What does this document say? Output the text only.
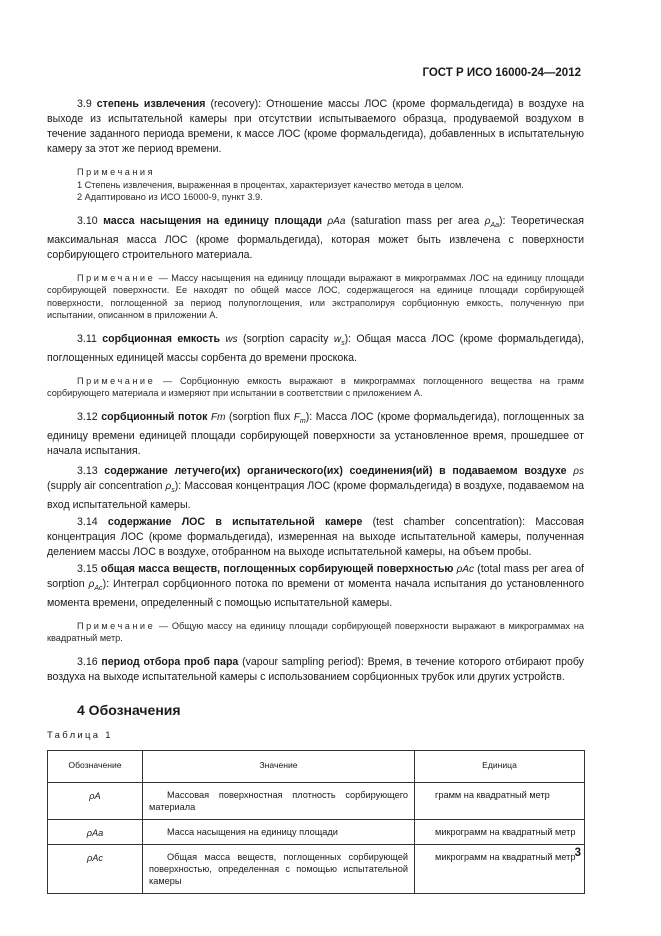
ГОСТ Р ИСО 16000-24—2012

3.9 степень извлечения (recovery): Отношение массы ЛОС (кроме формальдегида) в воздухе на выходе из испытательной камеры при отсутствии испытываемого образца, продуваемой воздухом в течение заданного периода времени, к массе ЛОС (кроме формальдегида), добавленных в испытательную камеру за этот же период времени.

Примечания
1 Степень извлечения, выраженная в процентах, характеризует качество метода в целом.
2 Адаптировано из ИСО 16000-9, пункт 3.9.

3.10 масса насыщения на единицу площади ρAa (saturation mass per area $\rho_{Aa}$): Теоретическая максимальная масса ЛОС (кроме формальдегида), которая может быть извлечена с поверхности сорбирующего строительного материала.

Примечание — Массу насыщения на единицу площади выражают в микрограммах ЛОС на единицу площади сорбирующей поверхности. Ее находят по общей массе ЛОС, содержащегося на единице площади сорбирующей поверхности, поглощенной за период полупоглощения, или экстраполируя сорбционную емкость, полученную при испытании, описанном в приложении А.

3.11 сорбционная емкость ws (sorption capacity $w_s$): Общая масса ЛОС (кроме формальдегида), поглощенных единицей массы сорбента до времени проскока.

Примечание — Сорбционную емкость выражают в микрограммах поглощенного вещества на грамм сорбирующего материала и измеряют при испытании в соответствии с приложением А.

3.12 сорбционный поток Fm (sorption flux $F_m$): Масса ЛОС (кроме формальдегида), поглощенных за единицу времени единицей площади сорбирующей поверхности за установленное время, прошедшее от начала испытания.

3.13 содержание летучего(их) органического(их) соединения(ий) в подаваемом воздухе ρs (supply air concentration $\rho_s$): Массовая концентрация ЛОС (кроме формальдегида) в воздухе, подаваемом на вход испытательной камеры.

3.14 содержание ЛОС в испытательной камере (test chamber concentration): Массовая концентрация ЛОС (кроме формальдегида), измеренная на выходе испытательной камеры, полученная делением массы ЛОС в воздухе, отобранном на выходе испытательной камеры, на объем пробы.

3.15 общая масса веществ, поглощенных сорбирующей поверхностью ρAc (total mass per area of sorption $\rho_{Ac}$): Интеграл сорбционного потока по времени от момента начала испытания до установленного момента времени, определенный с помощью испытательной камеры.

Примечание — Общую массу на единицу площади сорбирующей поверхности выражают в микрограммах на квадратный метр.

3.16 период отбора проб пара (vapour sampling period): Время, в течение которого отбирают пробу воздуха на выходе испытательной камеры с использованием сорбционных трубок или других устройств.

4 Обозначения
Таблица 1
Обозначение	Значение	Единица
ρA	Массовая поверхностная плотность сорбирующего материала	грамм на квадратный метр
ρAa	Масса насыщения на единицу площади	микрограмм на квадратный метр
ρAc	Общая масса веществ, поглощенных сорбирующей поверхностью, определенная с помощью испытательной камеры	микрограмм на квадратный метр 3
